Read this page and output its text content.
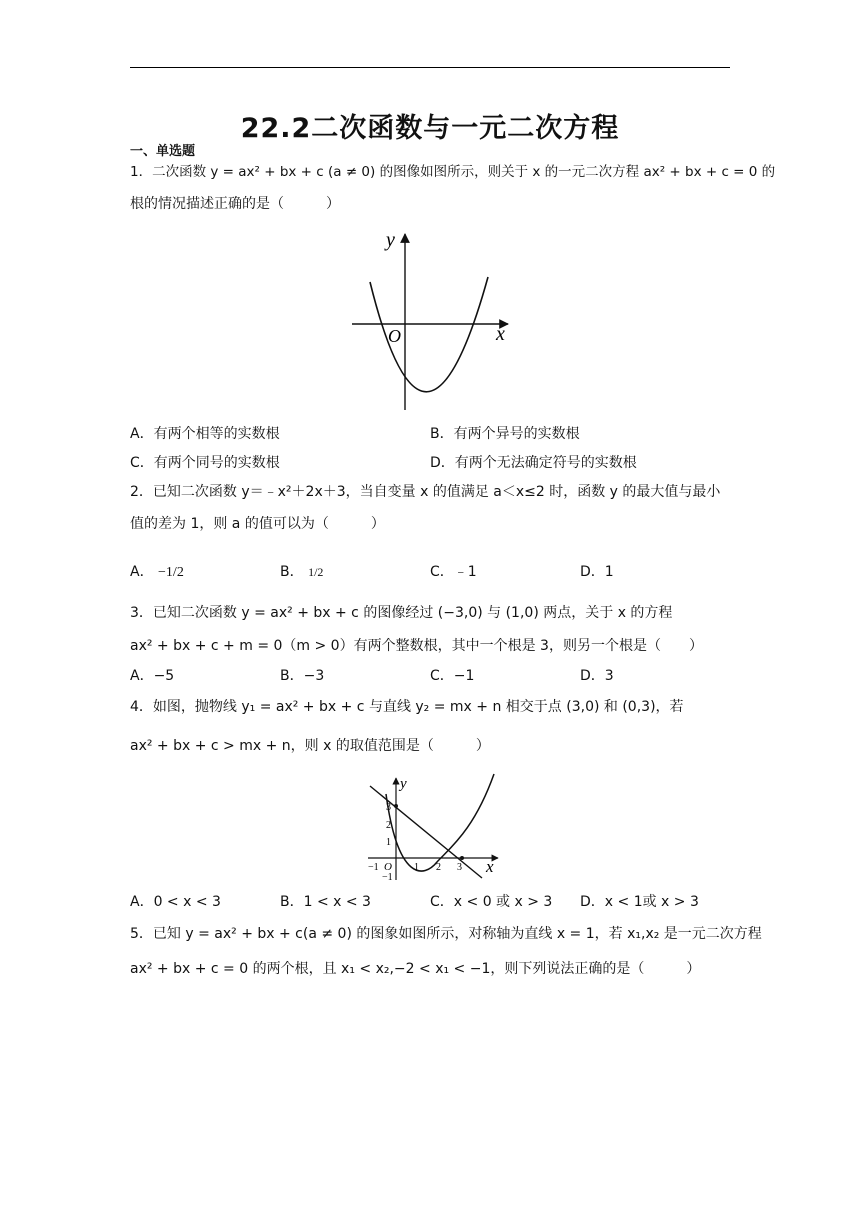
22.2二次函数与一元二次方程
一、单选题
1．二次函数 y = ax² + bx + c (a ≠ 0) 的图像如图所示，则关于 x 的一元二次方程 ax² + bx + c = 0 的
根的情况描述正确的是（　　　）
y
x
O
A．有两个相等的实数根	B．有两个异号的实数根
C．有两个同号的实数根	D．有两个无法确定符号的实数根
2．已知二次函数 y＝﹣x²＋2x＋3，当自变量 x 的值满足 a＜x≤2 时，函数 y 的最大值与最小
值的差为 1，则 a 的值可以为（　　　）
A． −1/2	B． 1/2	C．﹣1	D．1
3．已知二次函数 y = ax² + bx + c 的图像经过 (−3,0) 与 (1,0) 两点，关于 x 的方程
ax² + bx + c + m = 0（m > 0）有两个整数根，其中一个根是 3，则另一个根是（　　）
A．−5	B．−3	C．−1	D．3
4．如图，抛物线 y₁ = ax² + bx + c 与直线 y₂ = mx + n 相交于点 (3,0) 和 (0,3)，若
ax² + bx + c > mx + n，则 x 的取值范围是（　　　）
y
x
O
3
2
1
−1
−1	1 2 3
A．0 < x < 3	B．1 < x < 3	C．x < 0 或 x > 3 D．x < 1或 x > 3
5．已知 y = ax² + bx + c(a ≠ 0) 的图象如图所示，对称轴为直线 x = 1，若 x₁,x₂ 是一元二次方程
ax² + bx + c = 0 的两个根，且 x₁ < x₂,−2 < x₁ < −1，则下列说法正确的是（　　　）
